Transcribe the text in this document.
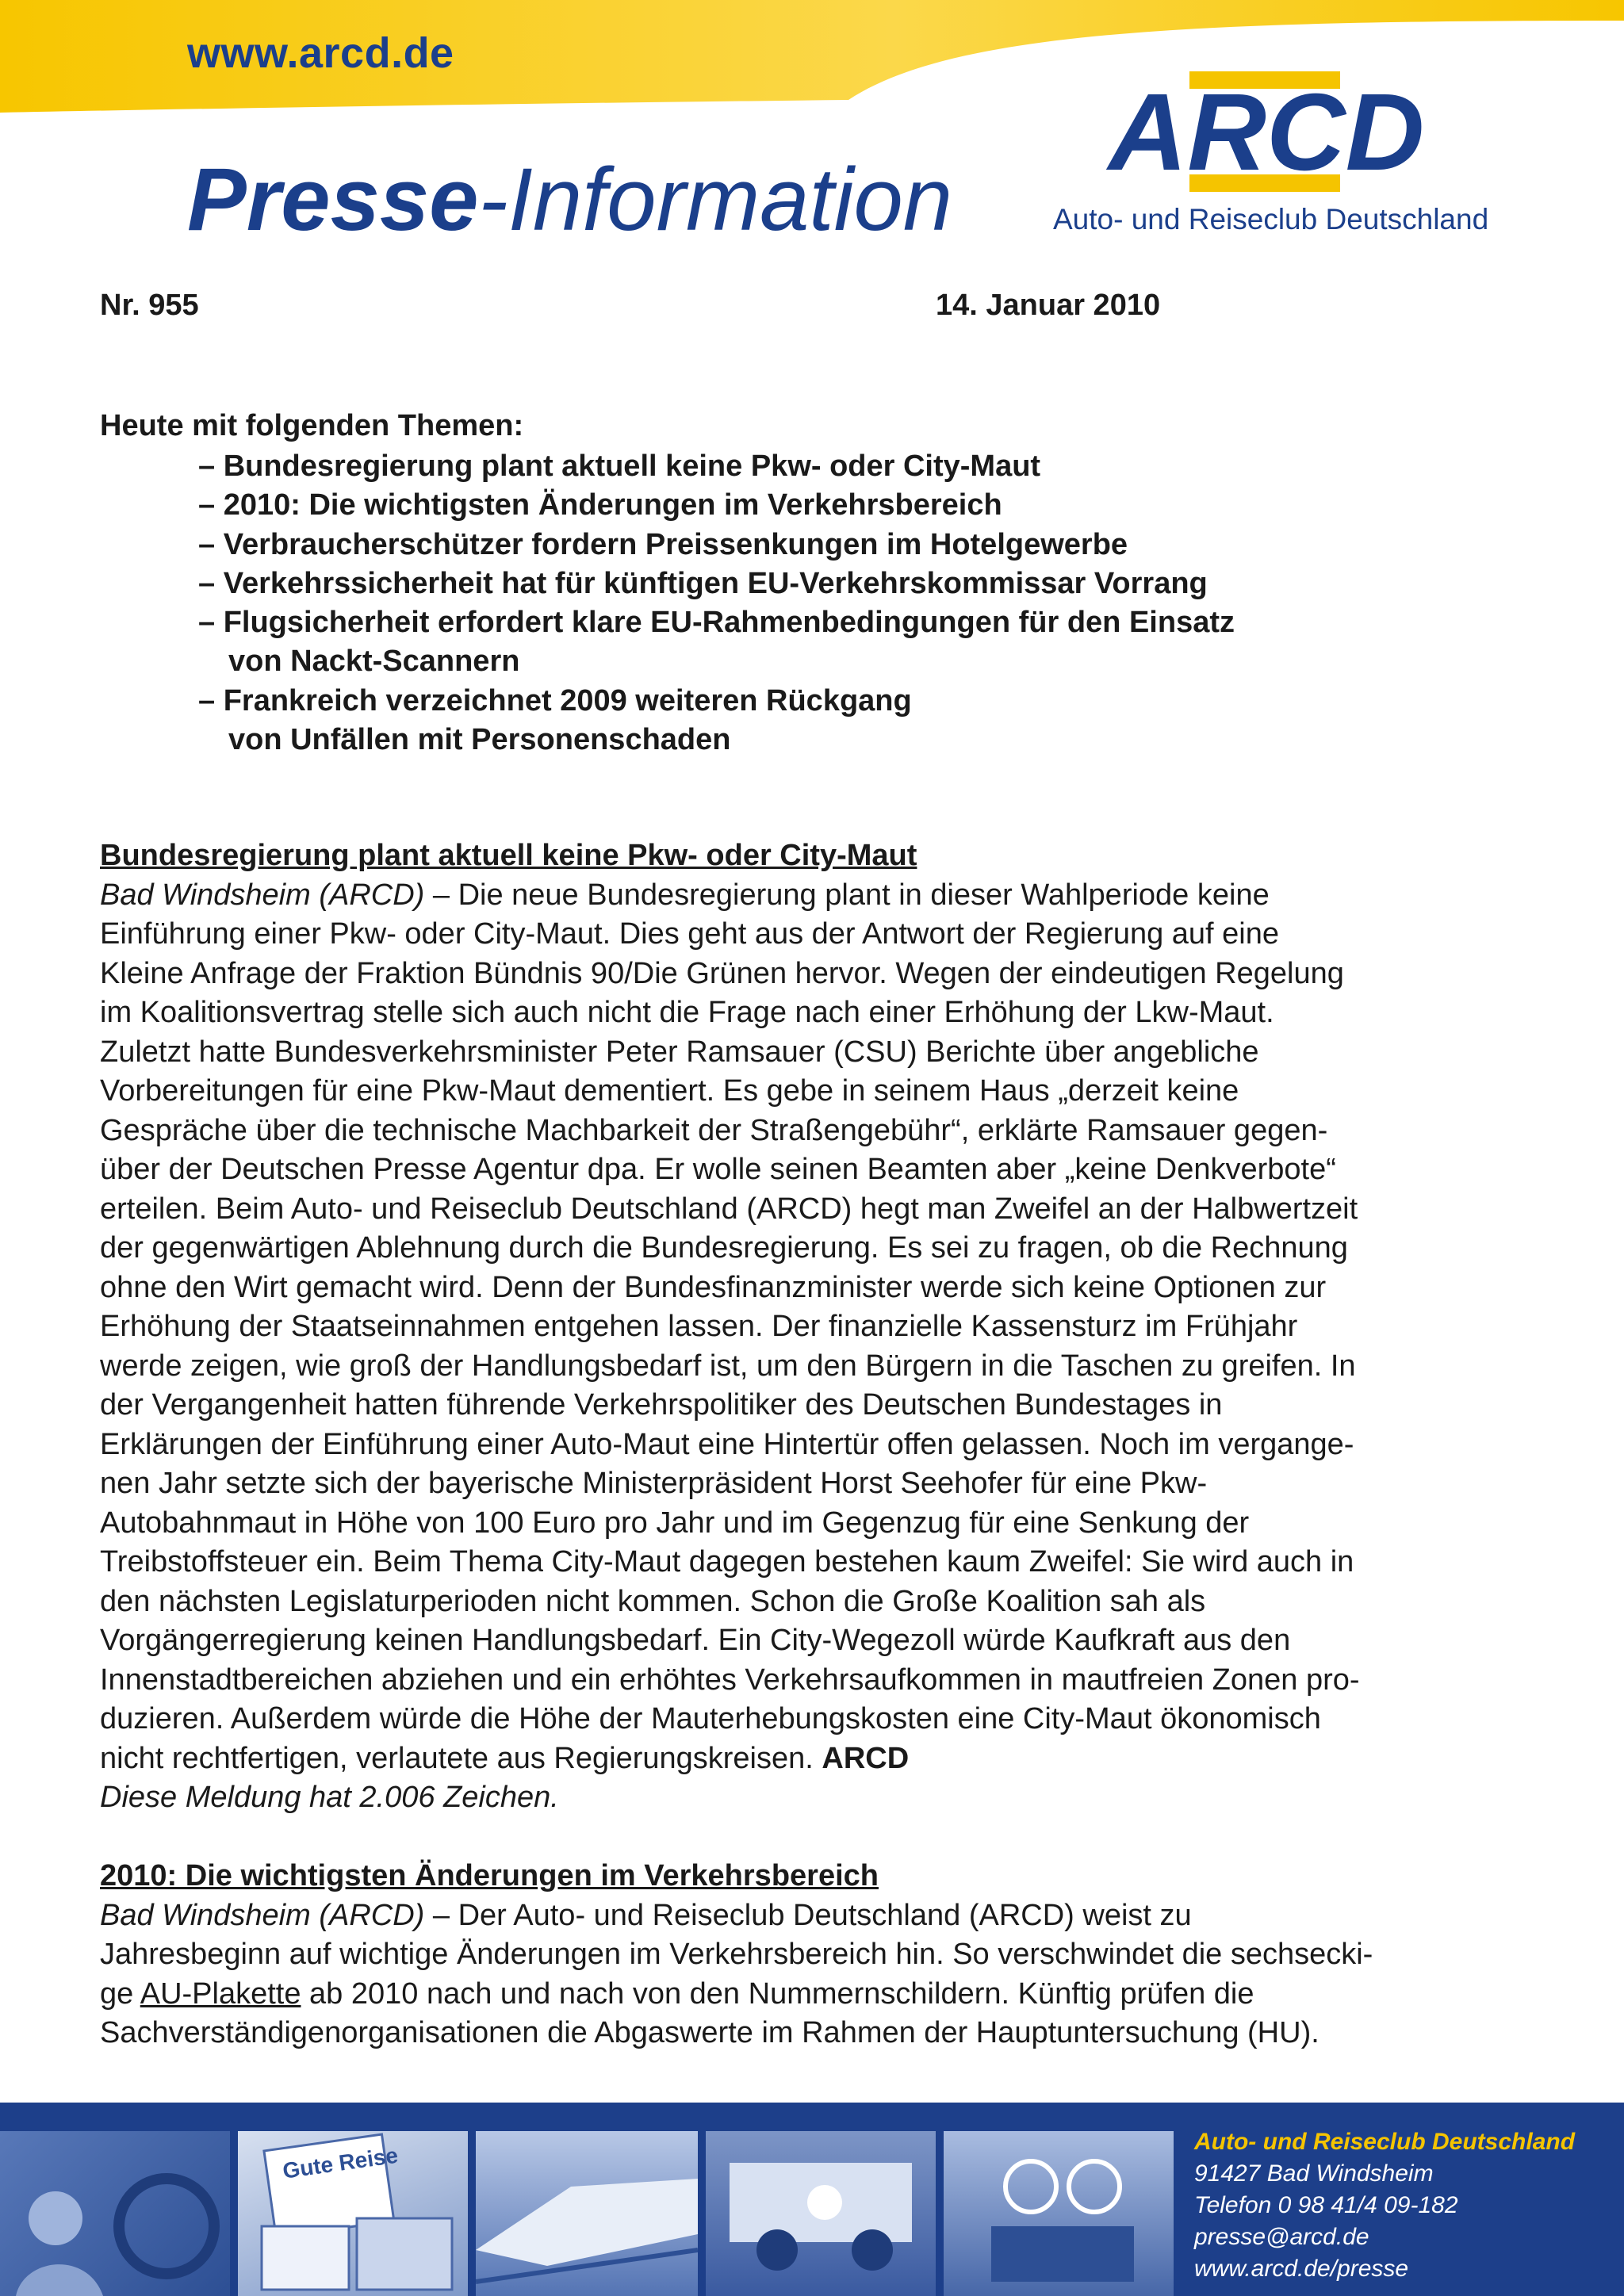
www.arcd.de
Presse-Information
ARCD
Auto- und Reiseclub Deutschland
Nr. 955	14. Januar 2010
Heute mit folgenden Themen:
– Bundesregierung plant aktuell keine Pkw- oder City-Maut
– 2010: Die wichtigsten Änderungen im Verkehrsbereich
– Verbraucherschützer fordern Preissenkungen im Hotelgewerbe
– Verkehrssicherheit hat für künftigen EU-Verkehrskommissar Vorrang
– Flugsicherheit erfordert klare EU-Rahmenbedingungen für den Einsatz
von Nackt-Scannern
– Frankreich verzeichnet 2009 weiteren Rückgang
von Unfällen mit Personenschaden
Bundesregierung plant aktuell keine Pkw- oder City-Maut
Bad Windsheim (ARCD) – Die neue Bundesregierung plant in dieser Wahlperiode keine
Einführung einer Pkw- oder City-Maut. Dies geht aus der Antwort der Regierung auf eine
Kleine Anfrage der Fraktion Bündnis 90/Die Grünen hervor. Wegen der eindeutigen Regelung
im Koalitionsvertrag stelle sich auch nicht die Frage nach einer Erhöhung der Lkw-Maut.
Zuletzt hatte Bundesverkehrsminister Peter Ramsauer (CSU) Berichte über angebliche
Vorbereitungen für eine Pkw-Maut dementiert. Es gebe in seinem Haus „derzeit keine
Gespräche über die technische Machbarkeit der Straßengebühr“, erklärte Ramsauer gegen-
über der Deutschen Presse Agentur dpa. Er wolle seinen Beamten aber „keine Denkverbote“
erteilen. Beim Auto- und Reiseclub Deutschland (ARCD) hegt man Zweifel an der Halbwertzeit
der gegenwärtigen Ablehnung durch die Bundesregierung. Es sei zu fragen, ob die Rechnung
ohne den Wirt gemacht wird. Denn der Bundesfinanzminister werde sich keine Optionen zur
Erhöhung der Staatseinnahmen entgehen lassen. Der finanzielle Kassensturz im Frühjahr
werde zeigen, wie groß der Handlungsbedarf ist, um den Bürgern in die Taschen zu greifen. In
der Vergangenheit hatten führende Verkehrspolitiker des Deutschen Bundestages in
Erklärungen der Einführung einer Auto-Maut eine Hintertür offen gelassen. Noch im vergange-
nen Jahr setzte sich der bayerische Ministerpräsident Horst Seehofer für eine Pkw-
Autobahnmaut in Höhe von 100 Euro pro Jahr und im Gegenzug für eine Senkung der
Treibstoffsteuer ein. Beim Thema City-Maut dagegen bestehen kaum Zweifel: Sie wird auch in
den nächsten Legislaturperioden nicht kommen. Schon die Große Koalition sah als
Vorgängerregierung keinen Handlungsbedarf. Ein City-Wegezoll würde Kaufkraft aus den
Innenstadtbereichen abziehen und ein erhöhtes Verkehrsaufkommen in mautfreien Zonen pro-
duzieren. Außerdem würde die Höhe der Mauterhebungskosten eine City-Maut ökonomisch
nicht rechtfertigen, verlautete aus Regierungskreisen. ARCD
Diese Meldung hat 2.006 Zeichen.

2010: Die wichtigsten Änderungen im Verkehrsbereich
Bad Windsheim (ARCD) – Der Auto- und Reiseclub Deutschland (ARCD) weist zu
Jahresbeginn auf wichtige Änderungen im Verkehrsbereich hin. So verschwindet die sechsecki-
ge AU-Plakette ab 2010 nach und nach von den Nummernschildern. Künftig prüfen die
Sachverständigenorganisationen die Abgaswerte im Rahmen der Hauptuntersuchung (HU).
Gute Reise
Auto- und Reiseclub Deutschland
91427 Bad Windsheim
Telefon 0 98 41/4 09-182
presse@arcd.de
www.arcd.de/presse
